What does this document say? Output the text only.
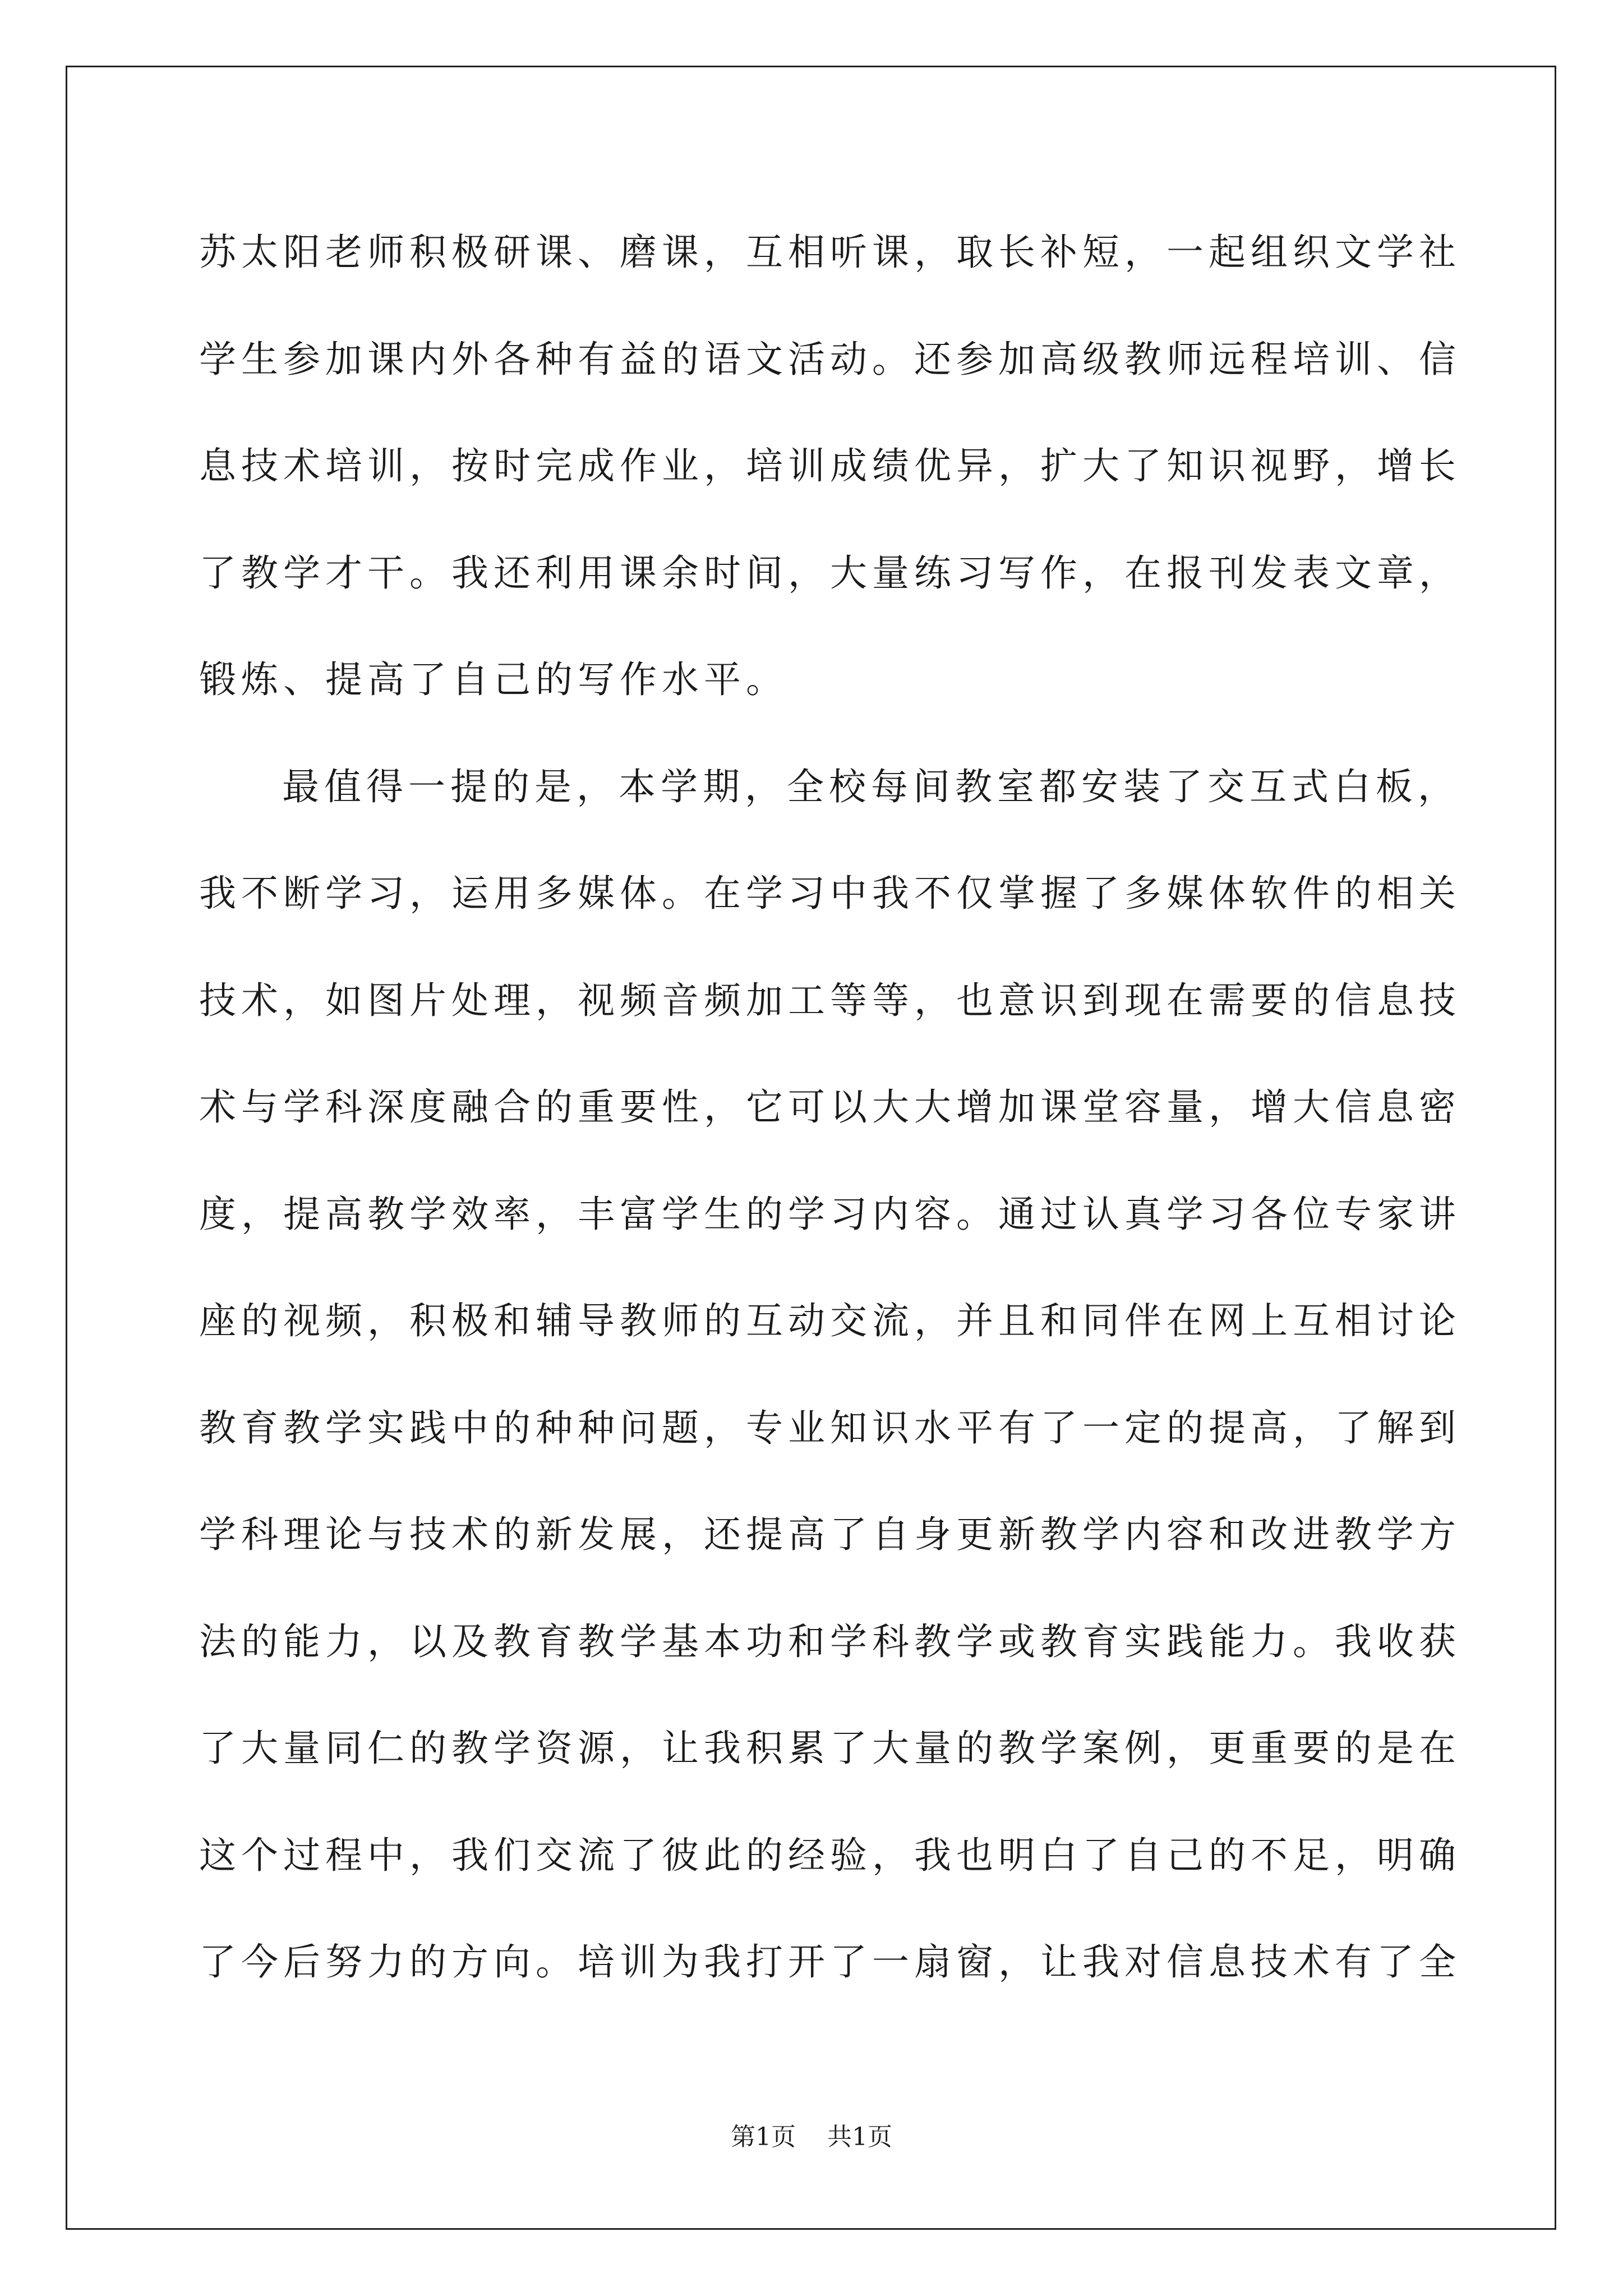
苏太阳老师积极研课、磨课，互相听课，取长补短，一起组织文学社
学生参加课内外各种有益的语文活动。还参加高级教师远程培训、信
息技术培训，按时完成作业，培训成绩优异，扩大了知识视野，增长
了教学才干。我还利用课余时间，大量练习写作，在报刊发表文章，
锻炼、提高了自己的写作水平。
最值得一提的是，本学期，全校每间教室都安装了交互式白板，
我不断学习，运用多媒体。在学习中我不仅掌握了多媒体软件的相关
技术，如图片处理，视频音频加工等等，也意识到现在需要的信息技
术与学科深度融合的重要性，它可以大大增加课堂容量，增大信息密
度，提高教学效率，丰富学生的学习内容。通过认真学习各位专家讲
座的视频，积极和辅导教师的互动交流，并且和同伴在网上互相讨论
教育教学实践中的种种问题，专业知识水平有了一定的提高，了解到
学科理论与技术的新发展，还提高了自身更新教学内容和改进教学方
法的能力，以及教育教学基本功和学科教学或教育实践能力。我收获
了大量同仁的教学资源，让我积累了大量的教学案例，更重要的是在
这个过程中，我们交流了彼此的经验，我也明白了自己的不足，明确
了今后努力的方向。培训为我打开了一扇窗，让我对信息技术有了全
第1页 共1页
